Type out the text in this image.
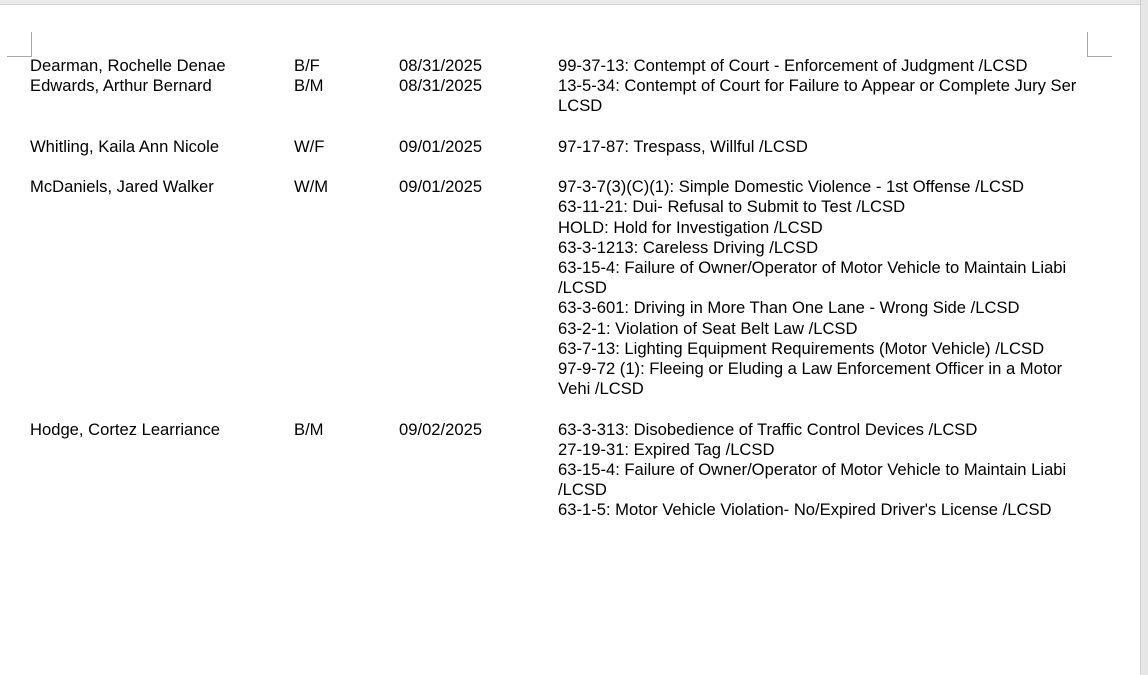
Dearman, Rochelle Denae	B/F	08/31/2025	99-37-13: Contempt of Court - Enforcement of Judgment /LCSD
Edwards, Arthur Bernard	B/M	08/31/2025	13-5-34: Contempt of Court for Failure to Appear or Complete Jury Ser LCSD
Whitling, Kaila Ann Nicole	W/F	09/01/2025	97-17-87: Trespass, Willful /LCSD
McDaniels, Jared Walker	W/M	09/01/2025	97-3-7(3)(C)(1): Simple Domestic Violence - 1st Offense /LCSD
63-11-21: Dui- Refusal to Submit to Test /LCSD
HOLD: Hold for Investigation /LCSD
63-3-1213: Careless Driving /LCSD
63-15-4: Failure of Owner/Operator of Motor Vehicle to Maintain Liabi /LCSD
63-3-601: Driving in More Than One Lane - Wrong Side /LCSD
63-2-1: Violation of Seat Belt Law /LCSD
63-7-13: Lighting Equipment Requirements (Motor Vehicle) /LCSD
97-9-72 (1): Fleeing or Eluding a Law Enforcement Officer in a Motor Vehi /LCSD
Hodge, Cortez Learriance	B/M	09/02/2025	63-3-313: Disobedience of Traffic Control Devices /LCSD
27-19-31: Expired Tag /LCSD
63-15-4: Failure of Owner/Operator of Motor Vehicle to Maintain Liabi /LCSD
63-1-5: Motor Vehicle Violation- No/Expired Driver's License /LCSD
